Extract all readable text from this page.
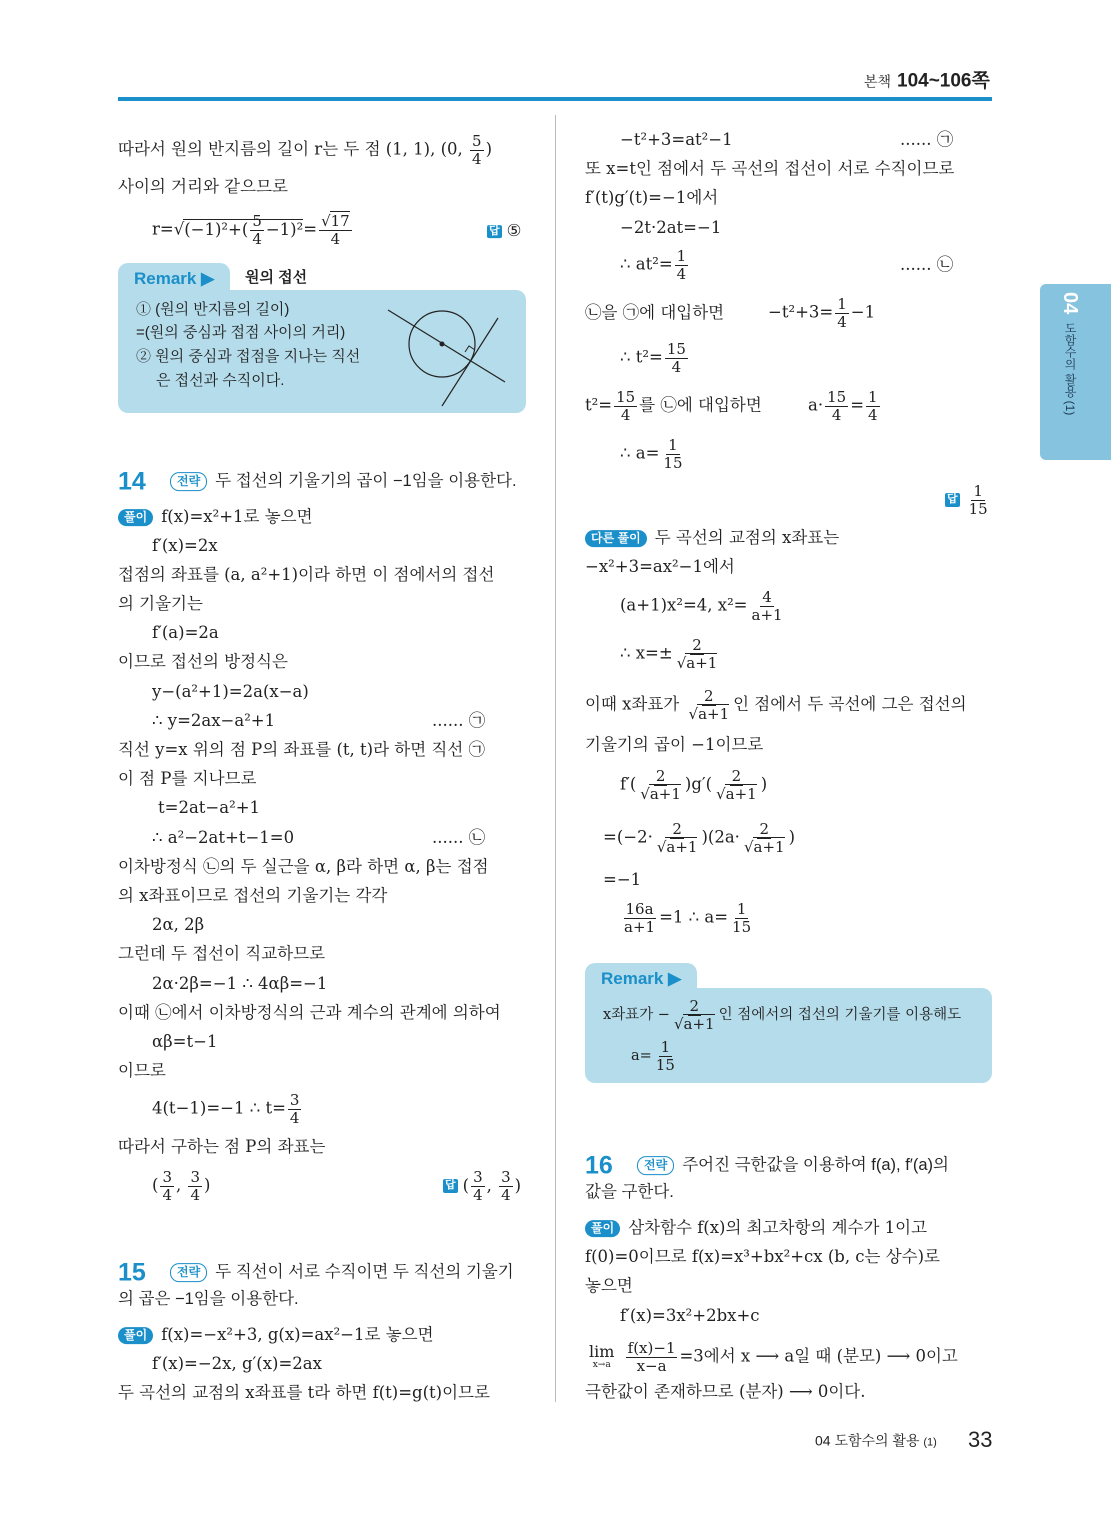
본책 104~106쪽
04
도함수의 활용 (1)
따라서 원의 반지름의 길이 r는 두 점 (1, 1), (0, $\frac{5}{4}$ )
사이의 거리와 같으므로
$r=√(-1)^2+( \frac{5}{4} -1)^2= \frac{√17}{4}$	답 ⑤
Remark ▶	원의 접선
① (원의 반지름의 길이)
=(원의 중심과 접점 사이의 거리)
② 원의 중심과 접점을 지나는 직선
은 접선과 수직이다.
14	전략 두 접선의 기울기의 곱이 −1임을 이용한다.
풀이 f(x)=x²+1로 놓으면
f′(x)=2x
접점의 좌표를 (a, a²+1)이라 하면 이 점에서의 접선
의 기울기는
f′(a)=2a
이므로 접선의 방정식은
y−(a²+1)=2a(x−a)
∴ y=2ax−a²+1	...... ㉠
직선 y=x 위의 점 P의 좌표를 (t, t)라 하면 직선 ㉠
이 점 P를 지나므로
t=2at−a²+1
∴ a²−2at+t−1=0	...... ㉡
이차방정식 ㉡의 두 실근을 α, β라 하면 α, β는 접점
의 x좌표이므로 접선의 기울기는 각각
2α, 2β
그런데 두 접선이 직교하므로
2α·2β=−1 ∴ 4αβ=−1
이때 ㉡에서 이차방정식의 근과 계수의 관계에 의하여
αβ=t−1
이므로
4(t−1)=−1 ∴ $t= \frac{3}{4}$
따라서 구하는 점 P의 좌표는
( $\frac{3}{4}$ , $\frac{3}{4}$ )	답 ( $\frac{3}{4}$ , $\frac{3}{4}$ )
15	전략 두 직선이 서로 수직이면 두 직선의 기울기
의 곱은 −1임을 이용한다.
풀이 f(x)=−x²+3, g(x)=ax²−1로 놓으면
f′(x)=−2x, g′(x)=2ax
두 곡선의 교점의 x좌표를 t라 하면 f(t)=g(t)이므로
−t²+3=at²−1	...... ㉠
또 x=t인 점에서 두 곡선의 접선이 서로 수직이므로
f′(t)g′(t)=−1에서
−2t·2at=−1
∴ $at^2= \frac{1}{4}$	...... ㉡
㉡을 ㉠에 대입하면	$-t^2+3= \frac{1}{4} -1$
∴ $t^2= \frac{15}{4}$
$t^2= \frac{15}{4}$ 를 ㉡에 대입하면	$a\cdot \frac{15}{4} = \frac{1}{4}$
∴ $a= \frac{1}{15}$
답 $\frac{1}{15}$
다른 풀이 두 곡선의 교점의 x좌표는
−x²+3=ax²−1에서
(a+1)x²=4, $x^2= \frac{4}{a+1}$
∴ $x=\pm \frac{2}{√a+1}$
이때 x좌표가 $\frac{2}{√a+1}$ 인 점에서 두 곡선에 그은 접선의
기울기의 곱이 −1이므로
$f'( \frac{2}{√a+1} )g'( \frac{2}{√a+1}$ )
$=(-2\cdot \frac{2}{√a+1} )(2a\cdot \frac{2}{√a+1}$ )
=−1
$\frac{16a}{a+1} =1$ ∴ $a= \frac{1}{15}$
Remark ▶
x좌표가 − $\frac{2}{√a+1}$ 인 점에서의 접선의 기울기를 이용해도
$a= \frac{1}{15}$
16	전략 주어진 극한값을 이용하여 f(a), f′(a)의
값을 구한다.
풀이 삼차함수 f(x)의 최고차항의 계수가 1이고
f(0)=0이므로 f(x)=x³+bx²+cx (b, c는 상수)로
놓으면
f′(x)=3x²+2bx+c
lim
x→a
$\frac{f(x)-1}{x-a} =3$에서 x ⟶ a일 때 (분모) ⟶ 0이고
극한값이 존재하므로 (분자) ⟶ 0이다.
04 도함수의 활용 (1) 33
